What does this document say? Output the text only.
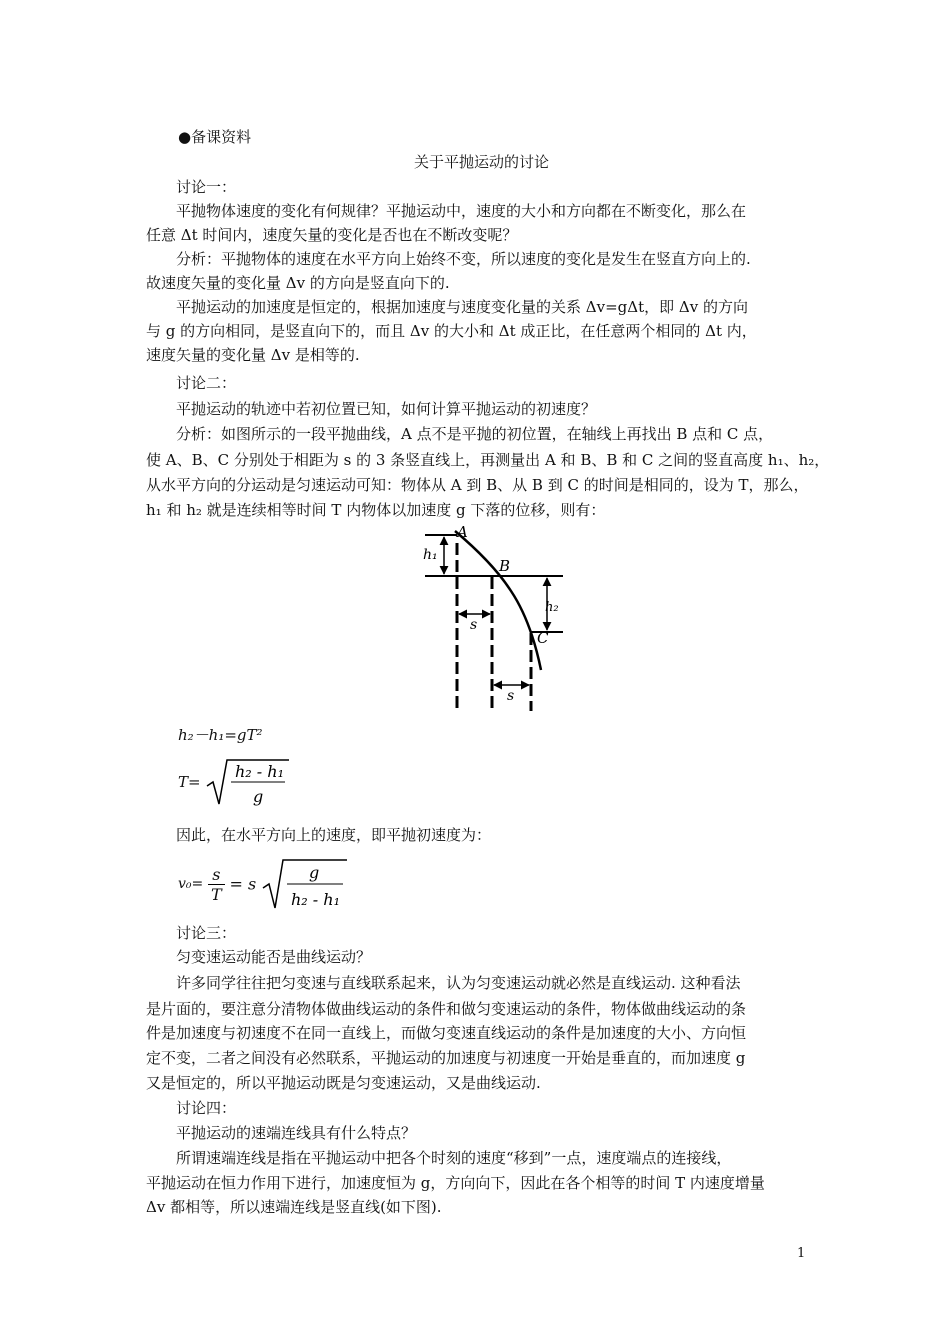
●备课资料
关于平抛运动的讨论
讨论一：
平抛物体速度的变化有何规律？平抛运动中，速度的大小和方向都在不断变化，那么在
任意 Δt 时间内，速度矢量的变化是否也在不断改变呢？
分析：平抛物体的速度在水平方向上始终不变，所以速度的变化是发生在竖直方向上的.
故速度矢量的变化量 Δv 的方向是竖直向下的.
平抛运动的加速度是恒定的，根据加速度与速度变化量的关系 Δv=gΔt，即 Δv 的方向
与 g 的方向相同，是竖直向下的，而且 Δv 的大小和 Δt 成正比，在任意两个相同的 Δt 内，
速度矢量的变化量 Δv 是相等的.
讨论二：
平抛运动的轨迹中若初位置已知，如何计算平抛运动的初速度？
分析：如图所示的一段平抛曲线，A 点不是平抛的初位置，在轴线上再找出 B 点和 C 点，
使 A、B、C 分别处于相距为 s 的 3 条竖直线上，再测量出 A 和 B、B 和 C 之间的竖直高度 h₁、h₂，
从水平方向的分运动是匀速运动可知：物体从 A 到 B、从 B 到 C 的时间是相同的，设为 T，那么，
h₁ 和 h₂ 就是连续相等时间 T 内物体以加速度 g 下落的位移，则有：
A
B
C
h₁
h₂
s
s
h₂－h₁=gT²
T=
h₂ - h₁
g
因此，在水平方向上的速度，即平抛初速度为：
$v_0= \frac{s}{T} = s$
g
h₂ - h₁
讨论三：
匀变速运动能否是曲线运动？
许多同学往往把匀变速与直线联系起来，认为匀变速运动就必然是直线运动. 这种看法
是片面的，要注意分清物体做曲线运动的条件和做匀变速运动的条件，物体做曲线运动的条
件是加速度与初速度不在同一直线上，而做匀变速直线运动的条件是加速度的大小、方向恒
定不变，二者之间没有必然联系，平抛运动的加速度与初速度一开始是垂直的，而加速度 g
又是恒定的，所以平抛运动既是匀变速运动，又是曲线运动.
讨论四：
平抛运动的速端连线具有什么特点？
所谓速端连线是指在平抛运动中把各个时刻的速度“移到”一点，速度端点的连接线，
平抛运动在恒力作用下进行，加速度恒为 g，方向向下，因此在各个相等的时间 T 内速度增量
Δv 都相等，所以速端连线是竖直线(如下图).
1
